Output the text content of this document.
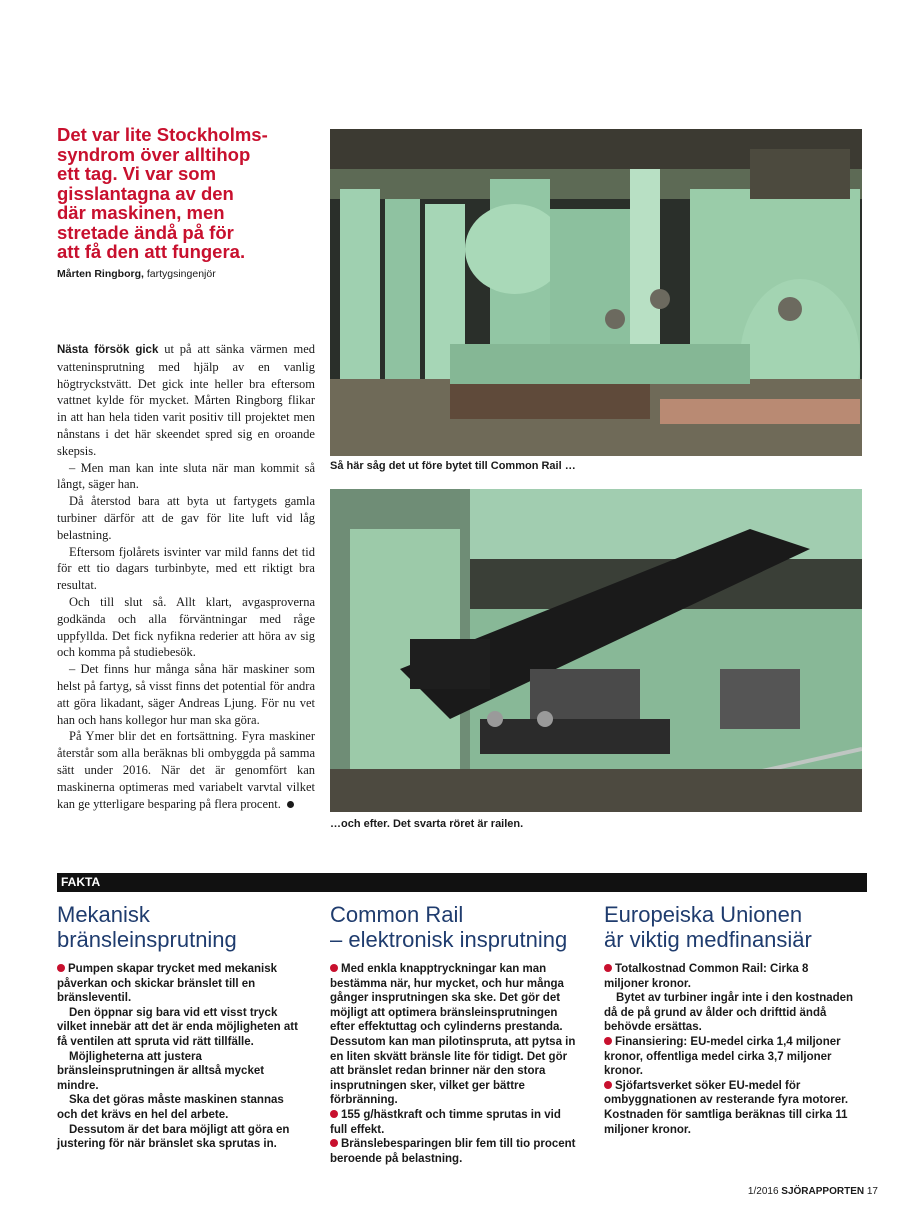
Det var lite Stockholms-
syndrom över alltihop
ett tag. Vi var som
gisslantagna av den
där maskinen, men
stretade ändå på för
att få den att fungera.
Mårten Ringborg, fartygsingenjör

Nästa försök gick ut på att sänka värmen med vatteninsprutning med hjälp av en vanlig högtryckstvätt. Det gick inte heller bra eftersom vattnet kylde för mycket. Mårten Ringborg flikar in att han hela tiden varit positiv till projektet men nånstans i det här skeendet spred sig en oroande skepsis.

– Men man kan inte sluta när man kommit så långt, säger han.

Då återstod bara att byta ut fartygets gamla turbiner därför att de gav för lite luft vid låg belastning.

Eftersom fjolårets isvinter var mild fanns det tid för ett tio dagars turbinbyte, med ett riktigt bra resultat.

Och till slut så. Allt klart, avgasproverna godkända och alla förväntningar med råge uppfyllda. Det fick nyfikna rederier att höra av sig och komma på studiebesök.

– Det finns hur många såna här maskiner som helst på fartyg, så visst finns det potential för andra att göra likadant, säger Andreas Ljung. För nu vet han och hans kollegor hur man ska göra.

På Ymer blir det en fortsättning. Fyra maskiner återstår som alla beräknas bli ombyggda på samma sätt under 2016. När det är genomfört kan maskinerna optimeras med variabelt varvtal vilket kan ge ytterligare besparing på flera procent.

Så här såg det ut före bytet till Common Rail …
…och efter. Det svarta röret är railen.
FAKTA
Mekanisk
bränsleinsprutning

Pumpen skapar trycket med mekanisk påverkan och skickar bränslet till en bränsleventil.

Den öppnar sig bara vid ett visst tryck vilket innebär att det är enda möjligheten att få ventilen att spruta vid rätt tillfälle.

Möjligheterna att justera bränsleinsprutningen är alltså mycket mindre.

Ska det göras måste maskinen stannas och det krävs en hel del arbete.

Dessutom är det bara möjligt att göra en justering för när bränslet ska sprutas in.

Common Rail
– elektronisk insprutning

Med enkla knapptryckningar kan man bestämma när, hur mycket, och hur många gånger insprutningen ska ske. Det gör det möjligt att optimera bränsleinsprutningen efter effektuttag och cylinderns prestanda. Dessutom kan man pilotinspruta, att pytsa in en liten skvätt bränsle lite för tidigt. Det gör att bränslet redan brinner när den stora insprutningen sker, vilket ger bättre förbränning.

155 g/hästkraft och timme sprutas in vid full effekt.

Bränslebesparingen blir fem till tio procent beroende på belastning.

Europeiska Unionen
är viktig medfinansiär

Totalkostnad Common Rail: Cirka 8 miljoner kronor.

Bytet av turbiner ingår inte i den kostnaden då de på grund av ålder och drifttid ändå behövde ersättas.

Finansiering: EU-medel cirka 1,4 miljoner kronor, offentliga medel cirka 3,7 miljoner kronor.

Sjöfartsverket söker EU-medel för ombyggnationen av resterande fyra motorer. Kostnaden för samtliga beräknas till cirka 11 miljoner kronor.

1/2016 SJÖRAPPORTEN 17
